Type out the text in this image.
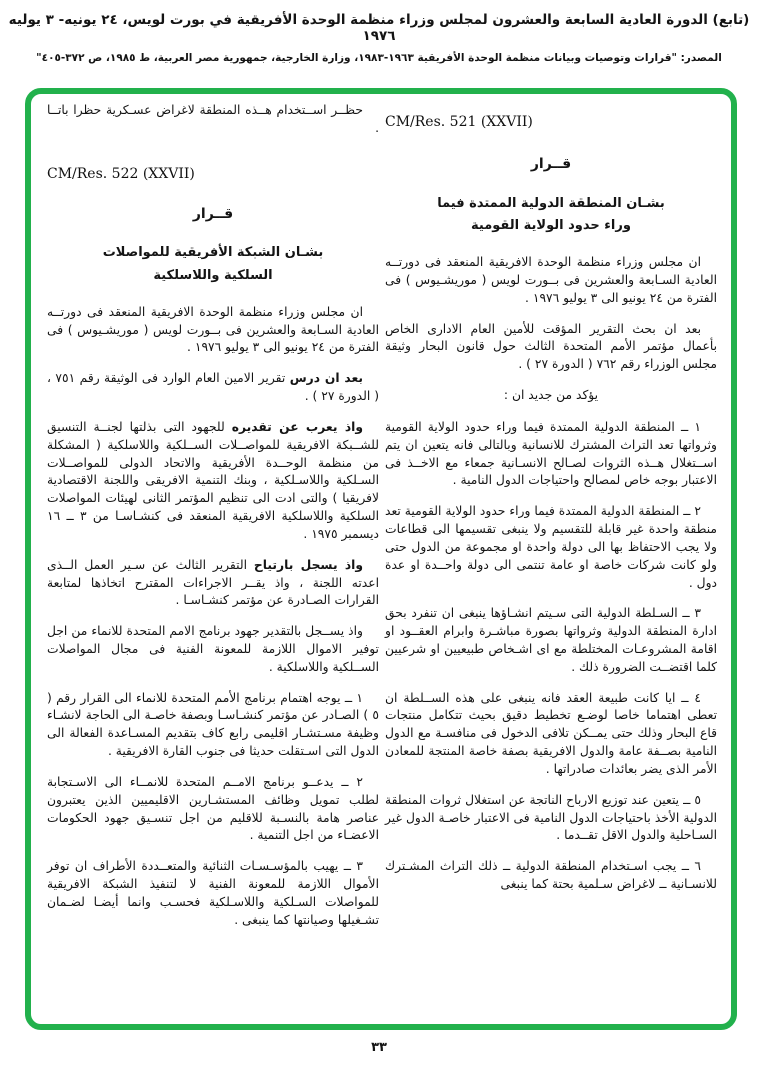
(تابع) الدورة العادية السابعة والعشرون لمجلس وزراء منظمة الوحدة الأفريقية في بورت لويس، ٢٤ يونيه- ٣ يوليه ١٩٧٦
المصدر: "قرارات وتوصيات وبيانات منظمة الوحدة الأفريقية ١٩٦٣-١٩٨٣، وزارة الخارجية، جمهورية مصر العربية، ط ١٩٨٥، ص ٣٧٢-٤٠٥"
CM/Res. 521 (XXVII)
قــرار
بشـان المنطقة الدولية الممتدة فيما
وراء حدود الولاية القومية

ان مجلس وزراء منظمة الوحدة الافريقية المنعقد فى دورتــه العادية السـابعة والعشرين فى بــورت لويس ( موريشـيوس ) فى الفترة من ٢٤ يونيو الى ٣ يوليو ١٩٧٦ .

بعد ان بحث التقرير المؤقت للأمين العام الادارى الخاص بأعمال مؤتمر الأمم المتحدة الثالث حول قانون البحار وثيقة مجلس الوزراء رقم ٧٦٢ ( الدورة ٢٧ ) .

يؤكد من جديد ان :

١ ــ المنطقة الدولية الممتدة فيما وراء حدود الولاية القومية وثرواتها تعد التراث المشترك للانسانية وبالتالى فانه يتعين ان يتم اســتغلال هــذه الثروات لصـالح الانسـانية جمعاء مع الاخــذ فى الاعتبار بوجه خاص لمصالح واحتياجات الدول النامية .

٢ ــ المنطقة الدولية الممتدة فيما وراء حدود الولاية القومية تعد منطقة واحدة غير قابلة للتقسيم ولا ينبغى تقسيمها الى قطاعات ولا يجب الاحتفاظ بها الى دولة واحدة او مجموعة من الدول حتى ولو كانت شركات خاصة او عامة تنتمى الى دولة واحــدة او عدة دول .

٣ ــ السـلطة الدولية التى سـيتم انشـاؤها ينبغى ان تنفرد بحق ادارة المنطقة الدولية وثرواتها بصورة مباشـرة وابرام العقــود او اقامة المشروعـات المختلطة مع اى اشـخاص طبيعيين او شرعيين كلما اقتضــت الضرورة ذلك .

٤ ــ ايا كانت طبيعة العقد فانه ينبغى على هذه الســلطة ان تعطى اهتماما خاصا لوضـع تخطيط دقيق بحيث تتكامل منتجات قاع البحار وذلك حتى يمــكن تلافى الدخول فى منافسـة مع الدول النامية بصــفة عامة والدول الافريقية بصفة خاصة المنتجة للمعادن الأمر الذى يضر بعائدات صادراتها .

٥ ــ يتعين عند توزيع الارباح الناتجة عن استغلال ثروات المنطقة الدولية الأخذ باحتياجات الدول النامية فى الاعتبار خاصـة الدول غير السـاحلية والدول الاقل تقــدما .

٦ ــ يجب اسـتخدام المنطقة الدولية ــ ذلك التراث المشـترك للانسـانية ــ لاغراض سـلمية بحتة كما ينبغى

حظــر اســتخدام هــذه المنطقة لاغراض عسـكرية حظرا باتــا .

CM/Res. 522 (XXVII)
قــرار
بشـان الشبكة الأفريقية للمواصلات
السلكية واللاسلكية

ان مجلس وزراء منظمة الوحدة الافريقية المنعقد فى دورتــه العادية السـابعة والعشرين فى بــورت لويس ( موريشـيوس ) فى الفترة من ٢٤ يونيو الى ٣ يوليو ١٩٧٦ .

بعد ان درس تقرير الامين العام الوارد فى الوثيقة رقم ٧٥١ ، ( الدورة ٢٧ ) .

واذ يعرب عن تقديره للجهود التى بذلتها لجنــة التنسيق للشــبكة الافريقية للمواصــلات الســلكية واللاسلكية ( المشكلة من منظمة الوحــدة الأفريقية والاتحاد الدولى للمواصــلات السـلكية واللاسـلكية ، وبنك التنمية الافريقى واللجنة الاقتصادية لافريقيا ) والتى ادت الى تنظيم المؤتمر الثانى لهيئات المواصلات السلكية واللاسلكية الافريقية المنعقد فى كنشـاسـا من ٣ ــ ١٦ ديسمبر ١٩٧٥ .

واذ يسجل بارتياح التقرير الثالث عن سـير العمل الــذى اعدته اللجنة ، واذ يقــر الاجراءات المقترح اتخاذها لمتابعة القرارات الصـادرة عن مؤتمر كنشـاسـا .

واذ يســجل بالتقدير جهود برنامج الامم المتحدة للانماء من اجل توفير الاموال اللازمة للمعونة الفنية فى مجال المواصلات الســلكية واللاسلكية .

١ ــ يوجه اهتمام برنامج الأمم المتحدة للانماء الى القرار رقم ( ٥ ) الصـادر عن مؤتمر كنشـاسـا وبصفة خاصـة الى الحاجة لانشـاء وظيفة مسـتشـار اقليمى رابع كاف بتقديم المسـاعدة الفعالة الى الدول التى اسـتقلت حديثا فى جنوب القارة الافريقية .

٢ ــ يدعــو برنامج الامــم المتحدة للانمــاء الى الاسـتجابة لطلب تمويل وظائف المستشـارين الاقليميين الذين يعتبرون عناصر هامة بالنسـبة للاقليم من اجل تنسـيق جهود الحكومات الاعضـاء من اجل التنمية .

٣ ــ يهيب بالمؤسـسـات الثنائية والمتعــددة الأطراف ان توفر الأموال اللازمة للمعونة الفنية لا لتنفيذ الشبكة الافريقية للمواصلات السـلكية واللاسـلكية فحسـب وانما أيضـا لضـمان تشـغيلها وصيانتها كما ينبغى .

٣٣
